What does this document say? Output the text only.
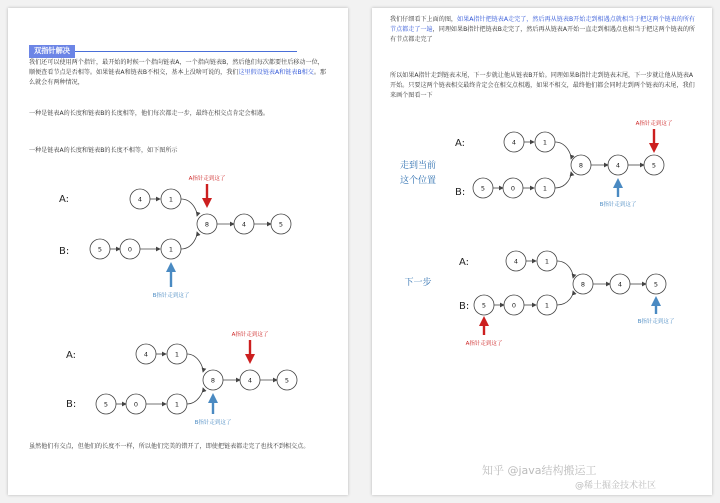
双指针解决
我们还可以使用两个指针，最开始的时候一个指向链表A，一个指向链表B，然后他们每次都要往后移动一位，顺便查看节点是否相等。如果链表A和链表B不相交，基本上没啥可说的，我们这里假设链表A和链表B相交。那么就会有两种情况，
一种是链表A的长度和链表B的长度相等，他们每次都走一步，最终在相交点肯定会相遇。
一种是链表A的长度和链表B的长度不相等，如下图所示
A:
B:
4	1
5	0	1
8	4	5
A指针走到这了
B指针走到这了
A:
B:
4	1
5	0	1
8	4	5
A指针走到这了
B指针走到这了
虽然他们有交点，但他们的长度不一样，所以他们完美的错开了，即使把链表都走完了也找不到相交点。
我们仔细看下上面的图，如果A指针把链表A走完了，然后再从链表B开始走到相遇点就相当于把这两个链表的所有节点都走了一遍，同理如果B指针把链表B走完了，然后再从链表A开始一直走到相遇点也相当于把这两个链表的所有节点都走完了
所以如果A指针走到链表末尾，下一步就让他从链表B开始。同理如果B指针走到链表末尾，下一步就让他从链表A开始。只要这两个链表相交最终肯定会在相交点相遇，如果不相交，最终他们都会同时走到两个链表的末尾，我们来画个图看一下
走到当前
这个位置
A:
B:
4	1
5	0	1
8	4	5
A指针走到这了
B指针走到这了
下一步
A:
B:
4	1
5	0	1
8	4	5
A指针走到这了
B指针走到这了
知乎 @java结构搬运工
@稀土掘金技术社区
